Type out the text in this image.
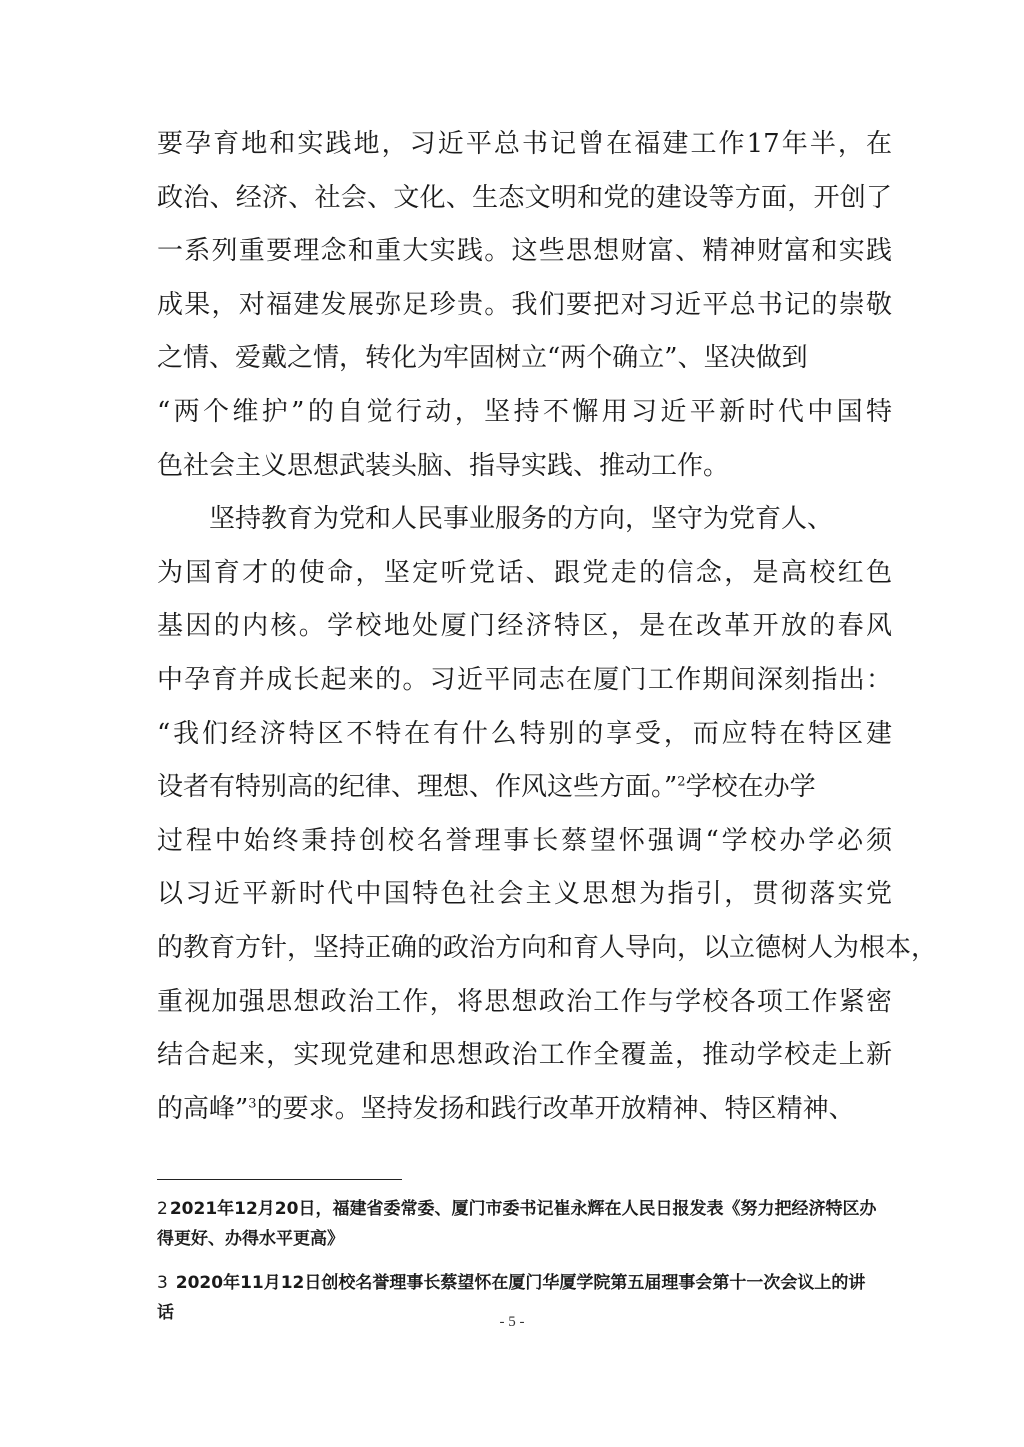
要孕育地和实践地，习近平总书记曾在福建工作17年半，在
政治、经济、社会、文化、生态文明和党的建设等方面，开创了
一系列重要理念和重大实践。这些思想财富、精神财富和实践
成果，对福建发展弥足珍贵。我们要把对习近平总书记的崇敬
之情、爱戴之情，转化为牢固树立“两个确立”、坚决做到
“两个维护”的自觉行动，坚持不懈用习近平新时代中国特
色社会主义思想武装头脑、指导实践、推动工作。
坚持教育为党和人民事业服务的方向，坚守为党育人、
为国育才的使命，坚定听党话、跟党走的信念，是高校红色
基因的内核。学校地处厦门经济特区，是在改革开放的春风
中孕育并成长起来的。习近平同志在厦门工作期间深刻指出：
“我们经济特区不特在有什么特别的享受，而应特在特区建
设者有特别高的纪律、理想、作风这些方面。”$^2$学校在办学
过程中始终秉持创校名誉理事长蔡望怀强调“学校办学必须
以习近平新时代中国特色社会主义思想为指引，贯彻落实党
的教育方针，坚持正确的政治方向和育人导向，以立德树人为根本，
重视加强思想政治工作，将思想政治工作与学校各项工作紧密
结合起来，实现党建和思想政治工作全覆盖，推动学校走上新
的高峰”$^3$的要求。坚持发扬和践行改革开放精神、特区精神、
2 2021年12月20日，福建省委常委、厦门市委书记崔永辉在人民日报发表《努力把经济特区办得更好、办得水平更高》
3 2020年11月12日创校名誉理事长蔡望怀在厦门华厦学院第五届理事会第十一次会议上的讲话	- 5 -
